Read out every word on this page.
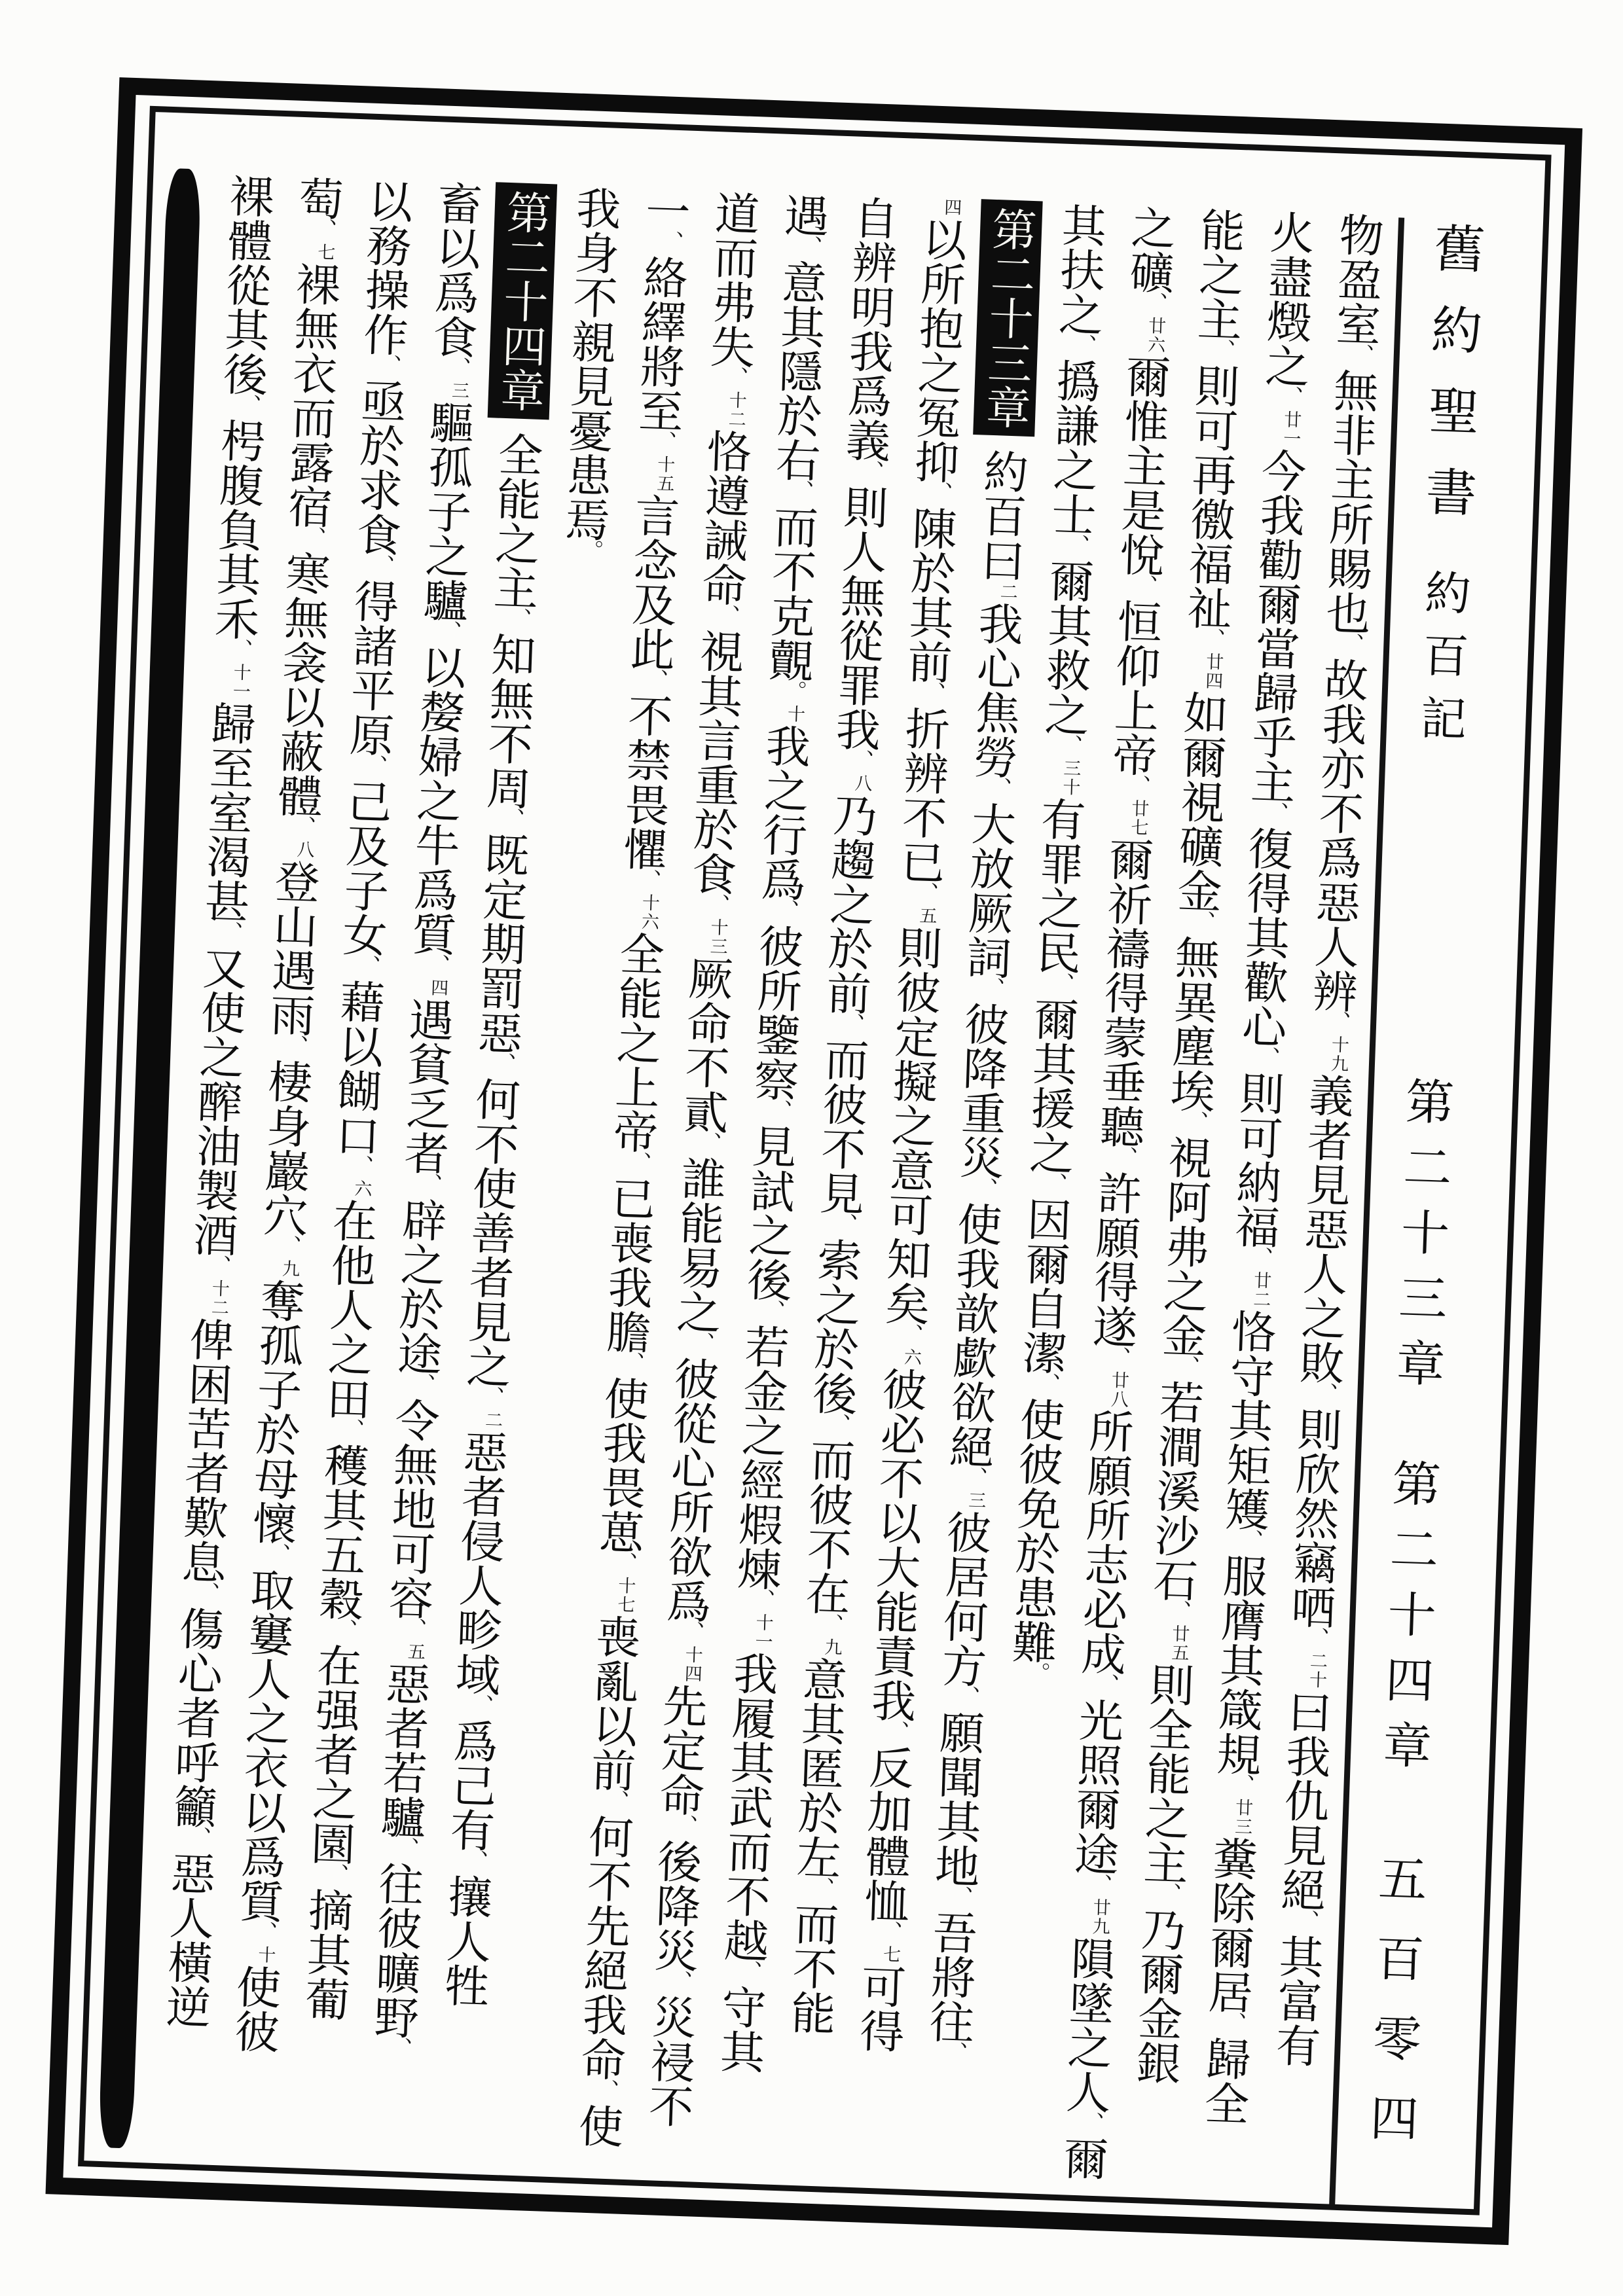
舊約聖書
約百記
第二十三章
第二十四章
五百零四
物盈室、無非主所賜也、故我亦不爲惡人辨、十九義者見惡人之敗、則欣然竊哂、二十曰我仇見絕、其富有
火盡燬之、廿一今我勸爾當歸乎主、復得其歡心、則可納福、廿二恪守其矩矱、服膺其箴規、廿三糞除爾居、歸全
能之主、則可再徼福祉、廿四如爾視礦金、無異塵埃、視阿弗之金、若澗溪沙石、廿五則全能之主、乃爾金銀
之礦、廿六爾惟主是悅、恒仰上帝、廿七爾祈禱得蒙垂聽、許願得遂、廿八所願所志必成、光照爾途、廿九隕墜之人、爾
其扶之、撝謙之士、爾其救之、三十有罪之民、爾其援之、因爾自潔、使彼免於患難。
第二十三章約百曰二我心焦勞、大放厥詞、彼降重災、使我歆歔欲絕、三彼居何方、願聞其地、吾將往、
四以所抱之冤抑、陳於其前、折辨不已、五則彼定擬之意可知矣、六彼必不以大能責我、反加體恤、七可得
自辨明我爲義、則人無從罪我、八乃趨之於前、而彼不見、索之於後、而彼不在、九意其匿於左、而不能
遇、意其隱於右、而不克覿。十我之行爲、彼所鑒察、見試之後、若金之經煆煉、十一我履其武而不越、守其
道而弗失、十二恪遵誡命、視其言重於食、十三厥命不貳、誰能易之、彼從心所欲爲、十四先定命、後降災、災祲不
一、絡繹將至、十五言念及此、不禁畏懼、十六全能之上帝、已喪我膽、使我畏葸、十七喪亂以前、何不先絕我命、使
我身不親見憂患焉。
第二十四章全能之主、知無不周、既定期罰惡、何不使善者見之、二惡者侵人畛域、爲己有、攘人牲
畜以爲食、三驅孤子之驢、以嫠婦之牛爲質、四遇貧乏者、辟之於途、令無地可容、五惡者若驢、往彼曠野、
以務操作、亟於求食、得諸平原、己及子女、藉以餬口、六在他人之田、穫其五穀、在强者之園、摘其葡
萄、七裸無衣而露宿、寒無衾以蔽體、八登山遇雨、棲身巖穴、九奪孤子於母懷、取窶人之衣以爲質、十使彼
裸體從其後、枵腹負其禾、十一歸至室渴甚、又使之醡油製酒、十二俾困苦者歎息、傷心者呼籲、惡人橫逆
